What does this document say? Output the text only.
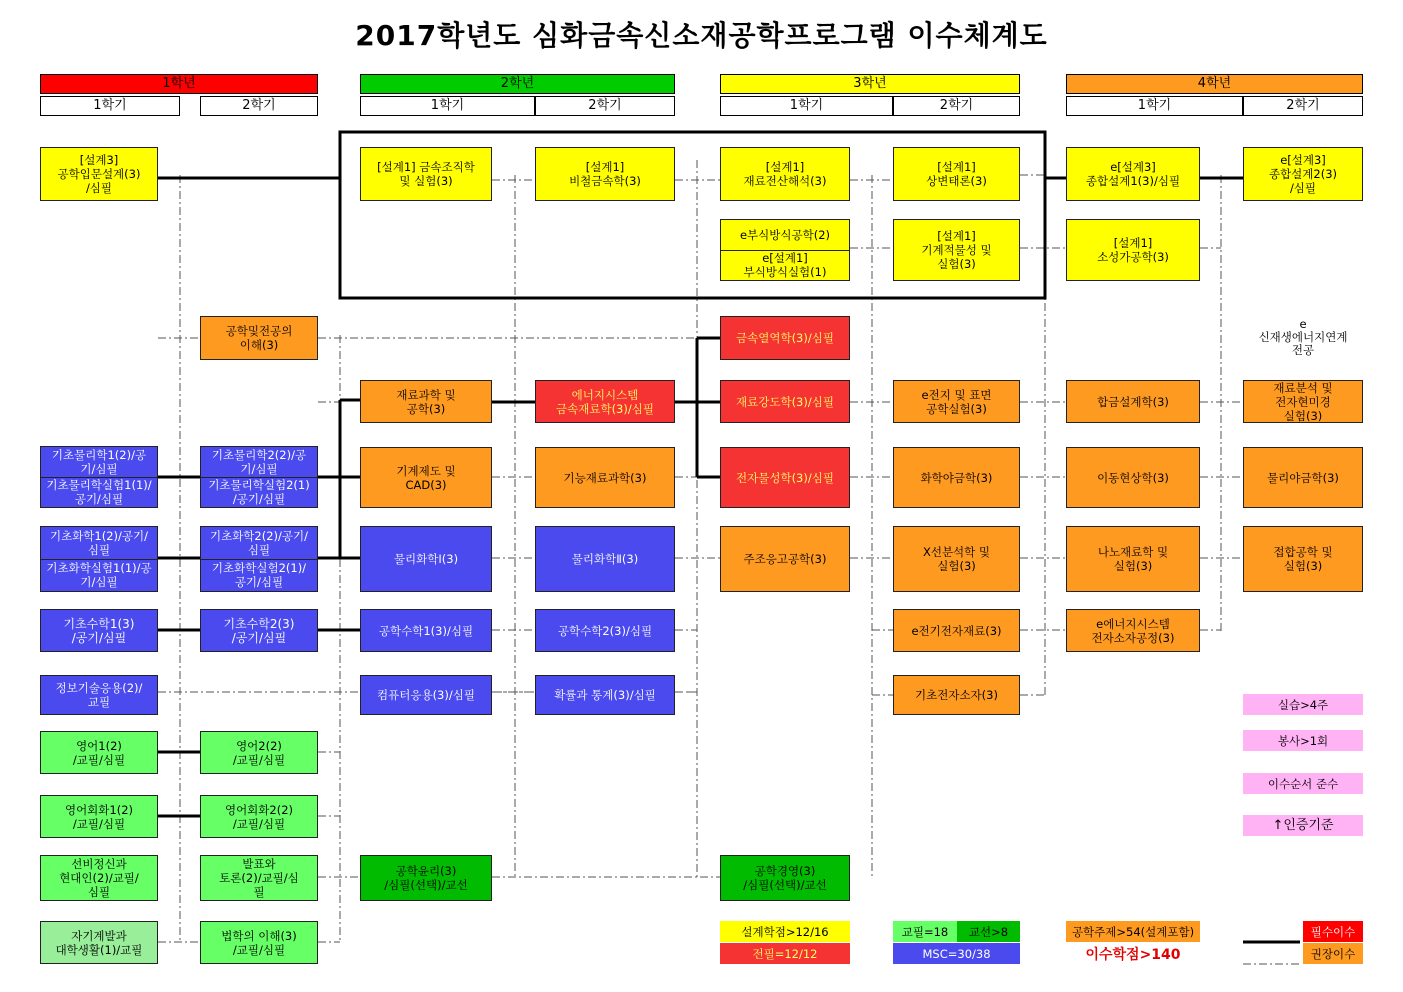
2017학년도 심화금속신소재공학프로그램 이수체계도
1학년
1학기	2학기
2학년
1학기	2학기
3학년
1학기	2학기
4학년
1학기	2학기
[설계3]
공학입문설계(3)
/심필
기초물리학1(2)/공
기/심필
기초물리학실험1(1)/
공기/심필
기초화학1(2)/공기/
심필
기초화학실험1(1)/공
기/심필
기초수학1(3)
/공기/심필
정보기술응용(2)/
교필
영어1(2)
/교필/심필
영어회화1(2)
/교필/심필
선비정신과
현대인(2)/교필/
심필
자기계발과
대학생활(1)/교필
공학및전공의
이해(3)
기초물리학2(2)/공
기/심필
기초물리학실험2(1)
/공기/심필
기초화학2(2)/공기/
심필
기초화학실험2(1)/
공기/심필
기초수학2(3)
/공기/심필
영어2(2)
/교필/심필
영어회화2(2)
/교필/심필
발표와
토론(2)/교필/심
필
법학의 이해(3)
/교필/심필
[설계1] 금속조직학
및 실험(3)
재료과학 및
공학(3)
기계제도 및
CAD(3)
물리화학Ⅰ(3)
공학수학1(3)/심필
컴퓨터응용(3)/심필
공학윤리(3)
/심필(선택)/교선
[설계1]
비철금속학(3)
에너지시스템
금속재료학(3)/심필
기능재료과학(3)
물리화학Ⅱ(3)
공학수학2(3)/심필
확률과 통계(3)/심필
[설계1]
재료전산해석(3)
e부식방식공학(2)
e[설계1]
부식방식실험(1)
금속열역학(3)/심필
재료강도학(3)/심필
전자물성학(3)/심필
주조응고공학(3)
공학경영(3)
/심필(선택)/교선
[설계1]
상변태론(3)
[설계1]
기계적물성 및
실험(3)
e전지 및 표면
공학실험(3)
화학야금학(3)
X선분석학 및
실험(3)
e전기전자재료(3)
기초전자소자(3)
e[설계3]
종합설계1(3)/심필
[설계1]
소성가공학(3)
합금설계학(3)
이동현상학(3)
나노재료학 및
실험(3)
e에너지시스템
전자소자공정(3)
e[설계3]
종합설계2(3)
/심필
e
신재생에너지연계
전공
재료분석 및
전자현미경
실험(3)
물리야금학(3)
접합공학 및
실험(3)
실습>4주
봉사>1회
이수순서 준수
↑인증기준
설계학점>12/16
전필=12/12
교필=18	교선>8
MSC=30/38
공학주제>54(설계포함)
이수학점>140
필수이수
권장이수
